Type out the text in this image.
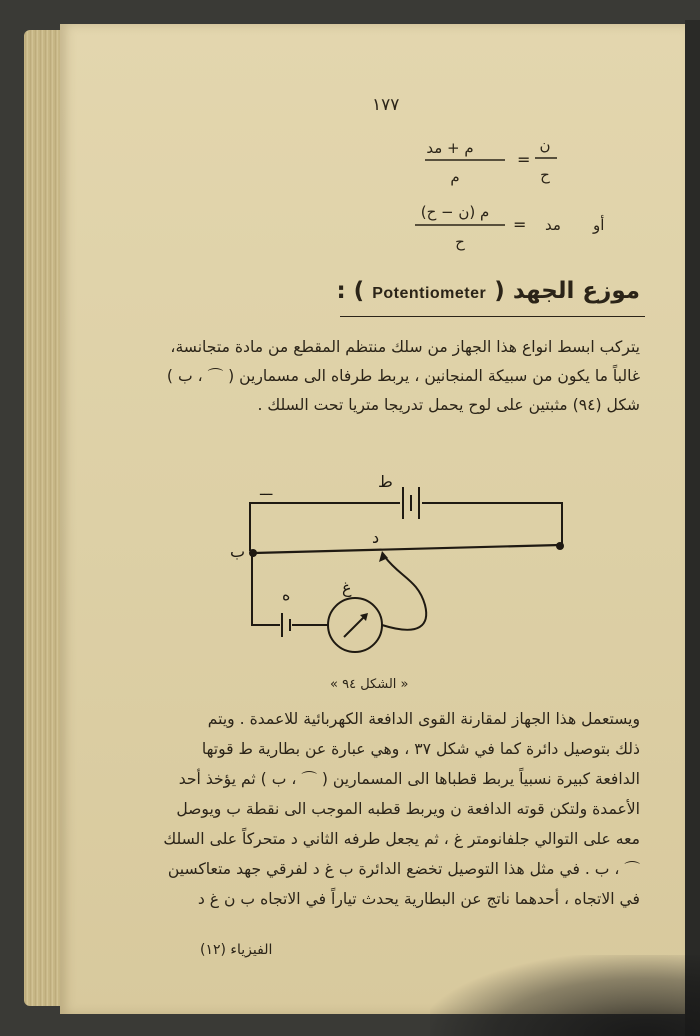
١٧٧
م + مد
م
=
ن
ح
م (ن − ح)
ح
= مد أو
موزع الجهد ( Potentiometer ) :
يتركب ابسط انواع هذا الجهاز من سلك منتظم المقطع من مادة متجانسة،
غالباً ما يكون من سبيكة المنجانين ، يربط طرفاه الى مسمارين ( ⌒ ، ب )
شكل (٩٤) مثبتين على لوح يحمل تدريجا متريا تحت السلك .
ط
ـــ
ب
د
غ
ه
« الشكل ٩٤ »
ويستعمل هذا الجهاز لمقارنة القوى الدافعة الكهربائية للاعمدة . ويتم
ذلك بتوصيل دائرة كما في شكل ٣٧ ، وهي عبارة عن بطارية ط قوتها
الدافعة كبيرة نسبياً يربط قطباها الى المسمارين ( ⌒ ، ب ) ثم يؤخذ أحد
الأعمدة ولتكن قوته الدافعة ن ويربط قطبه الموجب الى نقطة ب ويوصل
معه على التوالي جلفانومتر غ ، ثم يجعل طرفه الثاني د متحركاً على السلك
⌒ ، ب . في مثل هذا التوصيل تخضع الدائرة ب غ د لفرقي جهد متعاكسين
في الاتجاه ، أحدهما ناتج عن البطارية يحدث تياراً في الاتجاه ب ن غ د
الفيزياء (١٢)
